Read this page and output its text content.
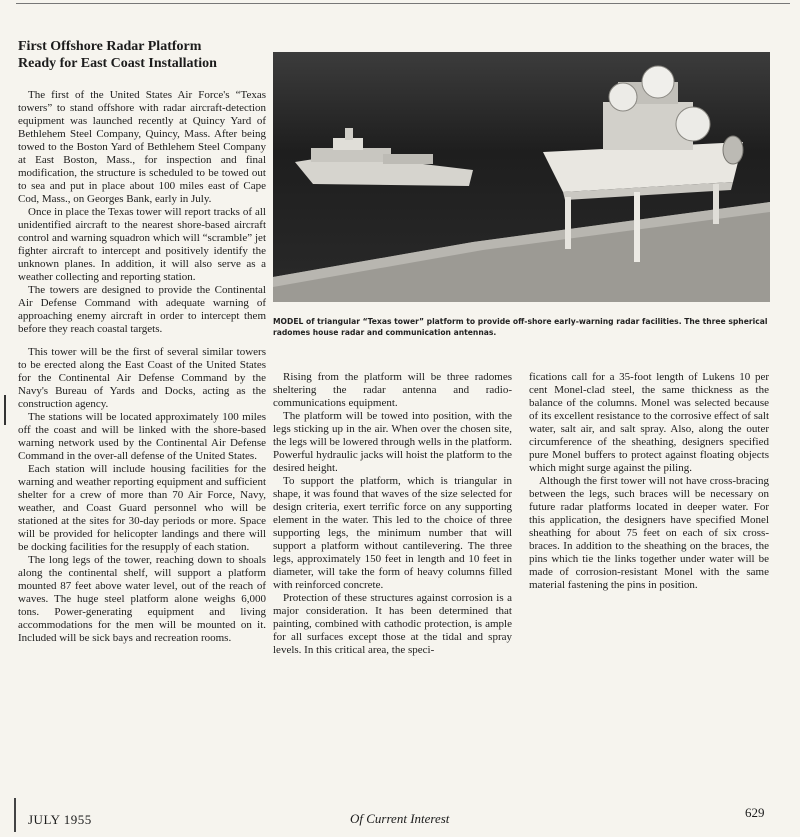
First Offshore Radar Platform
Ready for East Coast Installation

The first of the United States Air Force's “Texas towers” to stand offshore with radar aircraft-detection equipment was launched recently at Quincy Yard of Bethlehem Steel Company, Quincy, Mass. After being towed to the Boston Yard of Bethlehem Steel Company at East Boston, Mass., for inspection and final modification, the structure is scheduled to be towed out to sea and put in place about 100 miles east of Cape Cod, Mass., on Georges Bank, early in July.

Once in place the Texas tower will report tracks of all unidentified aircraft to the nearest shore-based aircraft control and warning squadron which will “scramble” jet fighter aircraft to intercept and positively identify the unknown planes. In addition, it will also serve as a weather collecting and reporting station.

The towers are designed to provide the Continental Air Defense Command with adequate warning of approaching enemy aircraft in order to intercept them before they reach coastal targets.

This tower will be the first of several similar towers to be erected along the East Coast of the United States for the Continental Air Defense Command by the Navy's Bureau of Yards and Docks, acting as the construction agency.

The stations will be located approximately 100 miles off the coast and will be linked with the shore-based warning network used by the Continental Air Defense Command in the over-all defense of the United States.

Each station will include housing facilities for the warning and weather reporting equipment and sufficient shelter for a crew of more than 70 Air Force, Navy, weather, and Coast Guard personnel who will be stationed at the sites for 30-day periods or more. Space will be provided for helicopter landings and there will be docking facilities for the resupply of each station.

The long legs of the tower, reaching down to shoals along the continental shelf, will support a platform mounted 87 feet above water level, out of the reach of waves. The huge steel platform alone weighs 6,000 tons. Power-generating equipment and living accommodations for the men will be mounted on it. Included will be sick bays and recreation rooms.

MODEL of triangular “Texas tower” platform to provide off-shore early-warning radar facilities. The three spherical radomes house radar and communication antennas.

Rising from the platform will be three radomes sheltering the radar antenna and radio-communications equipment.

The platform will be towed into position, with the legs sticking up in the air. When over the chosen site, the legs will be lowered through wells in the platform. Powerful hydraulic jacks will hoist the platform to the desired height.

To support the platform, which is triangular in shape, it was found that waves of the size selected for design criteria, exert terrific force on any supporting element in the water. This led to the choice of three supporting legs, the minimum number that will support a platform without cantilevering. The three legs, approximately 150 feet in length and 10 feet in diameter, will take the form of heavy columns filled with reinforced concrete.

Protection of these structures against corrosion is a major consideration. It has been determined that painting, combined with cathodic protection, is ample for all surfaces except those at the tidal and spray levels. In this critical area, the speci-

fications call for a 35-foot length of Lukens 10 per cent Monel-clad steel, the same thickness as the balance of the columns. Monel was selected because of its excellent resistance to the corrosive effect of salt water, salt air, and salt spray. Also, along the outer circumference of the sheathing, designers specified pure Monel buffers to protect against floating objects which might surge against the piling.

Although the first tower will not have cross-bracing between the legs, such braces will be necessary on future radar platforms located in deeper water. For this application, the designers have specified Monel sheathing for about 75 feet on each of six cross-braces. In addition to the sheathing on the braces, the pins which tie the links together under water will be made of corrosion-resistant Monel with the same material fastening the pins in position.

JULY 1955	Of Current Interest	629
